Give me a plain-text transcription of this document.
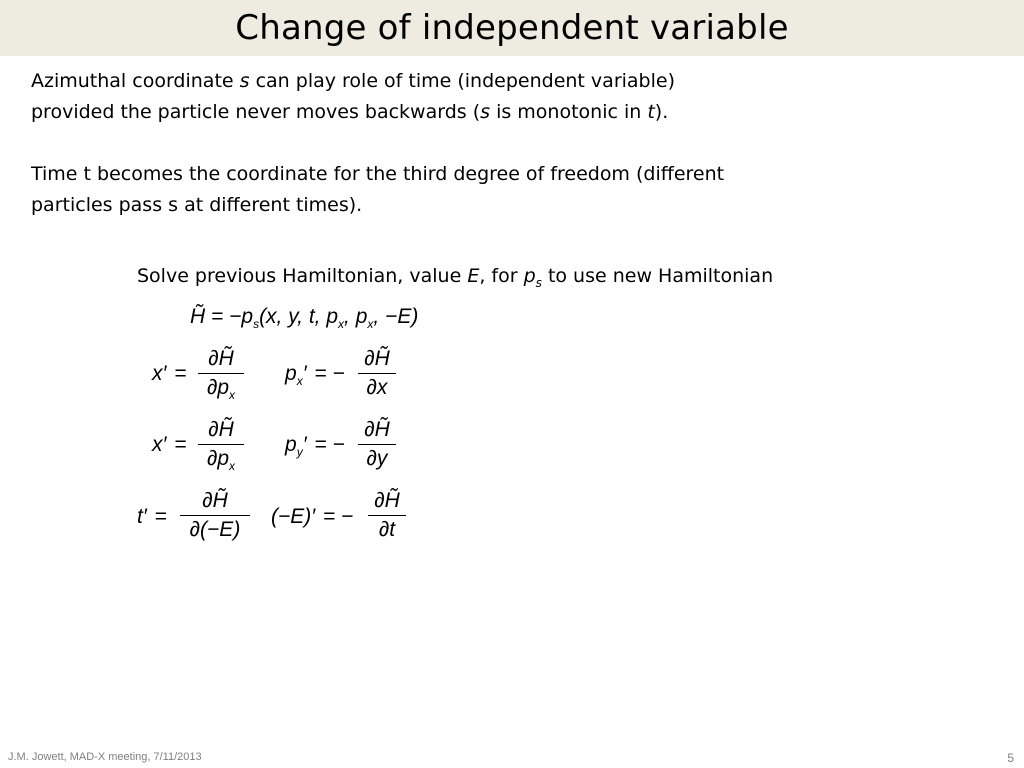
Change of independent variable
Azimuthal coordinate s can play role of time (independent variable)
provided the particle never moves backwards (s is monotonic in t).
Time t becomes the coordinate for the third degree of freedom (different
particles pass s at different times).
Solve previous Hamiltonian, value E, for $p_s$ to use new Hamiltonian
H̃ = $-p_s(x$, y, t, $p_x$, $p_x$, −E)
$x' = \frac{\partial H̃}{\partial p_x} p_x'$ = − $\frac{\partial H̃}{\partial x}$
$x' = \frac{\partial H̃}{\partial p_x} p_y'$ = − $\frac{\partial H̃}{\partial y}$
$t' = \frac{\partial H̃}{\partial(-E)} (-E)'$ = − $\frac{\partial H̃}{\partial t}$
J.M. Jowett, MAD-X meeting, 7/11/2013	5
